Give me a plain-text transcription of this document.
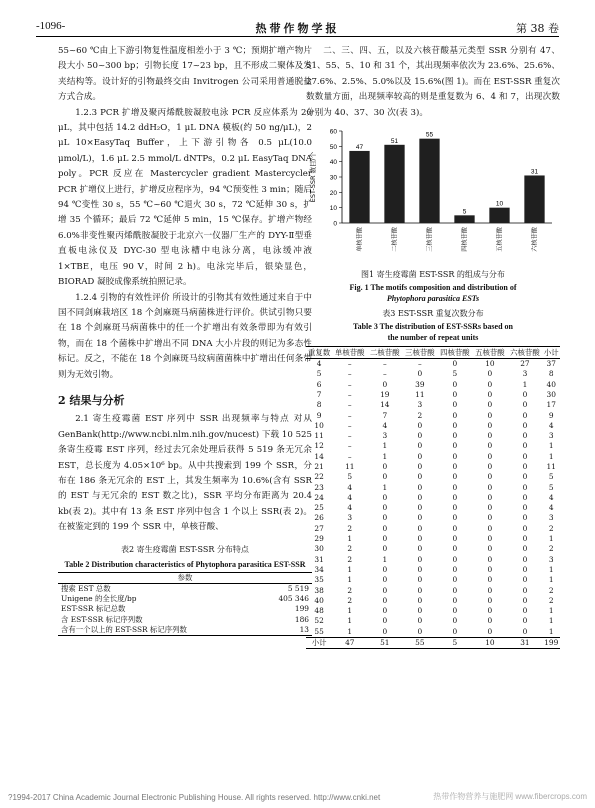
-1096-	热带作物学报	第 38 卷

55~60 ℃由上下游引物复性温度相差小于 3 ℃；预期扩增产物片段大小 50~300 bp；引物长度 17~23 bp，且不形成二聚体及发夹结构等。设计好的引物最终交由 Invitrogen 公司采用普通脱盐方式合成。

1.2.3 PCR 扩增及聚丙烯酰胺凝胶电泳 PCR 反应体系为 20 μL，其中包括 14.2 ddH₂O，1 μL DNA 模板(约 50 ng/μL)，2 μL 10×EasyTaq Buffer，上下游引物各 0.5 μL(10.0 μmol/L)，1.6 μL 2.5 mmol/L dNTPs，0.2 μL EasyTaq DNA poly。PCR 反应在 Mastercycler gradient Mastercycler PCR 扩增仪上进行，扩增反应程序为，94 ℃预变性 3 min；随后 94 ℃变性 30 s，55 ℃~60 ℃退火 30 s，72 ℃延伸 30 s，扩增 35 个循环；最后 72 ℃延伸 5 min，15 ℃保存。扩增产物经 6.0%非变性聚丙烯酰胺凝胶于北京六一仪器厂生产的 DYY-Ⅱ型垂直板电泳仪及 DYC-30 型电泳槽中电泳分离，电泳缓冲液 1×TBE，电压 90 V，时间 2 h)。电泳完毕后，银染显色，BIORAD 凝胶成像系统拍照记录。

1.2.4 引物的有效性评价 所设计的引物其有效性通过来自于中国不同剑麻栽培区 18 个剑麻斑马病菌株进行评价。供试引物只要在 18 个剑麻斑马病菌株中的任一个扩增出有效条带即为有效引物，而在 18 个菌株中扩增出不同 DNA 大小片段的则记为多态性标记。反之，不能在 18 个剑麻斑马纹病菌菌株中扩增出任何条带则为无效引物。

2 结果与分析

2.1 寄生疫霉菌 EST 序列中 SSR 出现频率与特点 对从 GenBank(http://www.ncbi.nlm.nih.gov/nucest) 下载 10 525 条寄生疫霉 EST 序列，经过去冗余处理后获得 5 519 条无冗余 EST，总长度为 4.05×10⁶ bp。从中共搜索到 199 个 SSR，分布在 186 条无冗余的 EST 上，其发生频率为 10.6%(含有 SSR 的 EST 与无冗余的 EST 数之比)，SSR 平均分布距离为 20.4 kb(表 2)。其中有 13 条 EST 序列中包含 1 个以上 SSR(表 2)。在被鉴定到的 199 个 SSR 中，单核苷酸、

表2 寄生疫霉菌 EST-SSR 分布特点
Table 2 Distribution characteristics of Phytophora parasitica EST-SSR
参数	
搜索 EST 总数	5 519
Unigene 的全长度/bp	405 346
EST-SSR 标记总数	199
含 EST-SSR 标记序列数	186
含有一个以上的 EST-SSR 标记序列数	13

二、三、四、五，以及六核苷酸基元类型 SSR 分别有 47、51、55、5、10 和 31 个，其出现频率依次为 23.6%、25.6%、27.6%、2.5%、5.0%以及 15.6%(图 1)。而在 EST-SSR 重复次数数量方面，出现频率较高的则是重复数为 6、4 和 7，出现次数分别为 40、37、30 次(表 3)。

0
10
20
30
40
50
60
EST-SSR 数目/个
47
单核苷酸
51
二核苷酸
55
三核苷酸
5
四核苷酸
10
五核苷酸
31
六核苷酸
图1 寄生疫霉菌 EST-SSR 的组成与分布
Fig. 1 The motifs composition and distribution of
Phytophora parasitica ESTs
表3 EST-SSR 重复次数分布
Table 3 The distribution of EST-SSRs based on
the number of repeat units
重复数	单核苷酸	二核苷酸	三核苷酸	四核苷酸	五核苷酸	六核苷酸	小计
4	–	–	–	0	10	27	37
5	–	–	0	5	0	3	8
6	–	0	39	0	0	1	40
7	–	19	11	0	0	0	30
8	–	14	3	0	0	0	17
9	–	7	2	0	0	0	9
10	–	4	0	0	0	0	4
11	–	3	0	0	0	0	3
12	–	1	0	0	0	0	1
14	–	1	0	0	0	0	1
21	11	0	0	0	0	0	11
22	5	0	0	0	0	0	5
23	4	1	0	0	0	0	5
24	4	0	0	0	0	0	4
25	4	0	0	0	0	0	4
26	3	0	0	0	0	0	3
27	2	0	0	0	0	0	2
29	1	0	0	0	0	0	1
30	2	0	0	0	0	0	2
31	2	1	0	0	0	0	3
34	1	0	0	0	0	0	1
35	1	0	0	0	0	0	1
38	2	0	0	0	0	0	2
40	2	0	0	0	0	0	2
48	1	0	0	0	0	0	1
52	1	0	0	0	0	0	1
55	1	0	0	0	0	0	1
小计	47	51	55	5	10	31	199
?1994-2017 China Academic Journal Electronic Publishing House. All rights reserved. http://www.cnki.net	热带作物营养与施肥网 www.fibercrops.com
